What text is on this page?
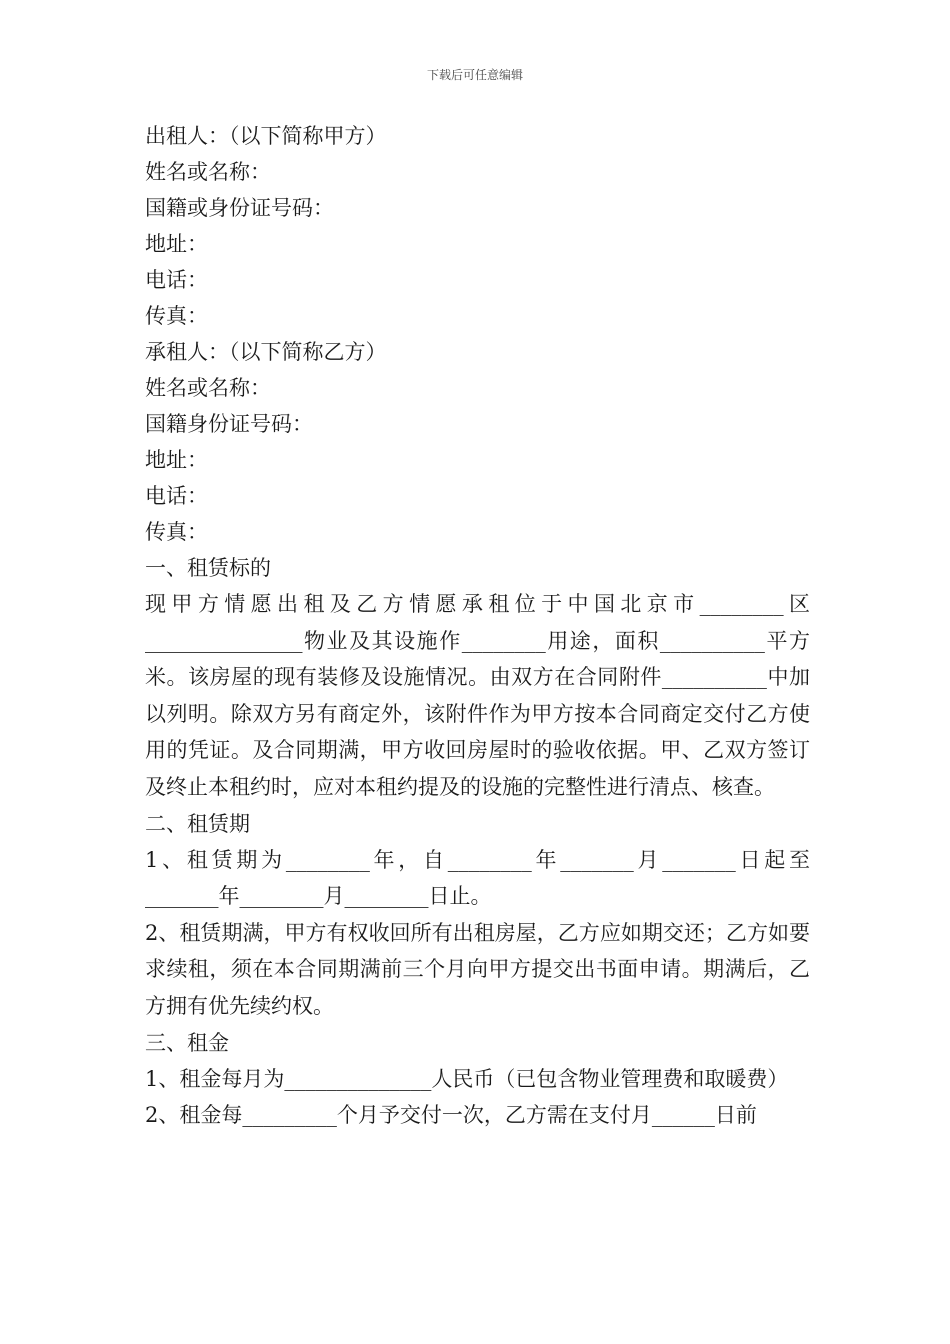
下载后可任意编辑
出租人：（以下简称甲方）
姓名或名称：
国籍或身份证号码：
地址：
电话：
传真：
承租人：（以下简称乙方）
姓名或名称：
国籍身份证号码：
地址：
电话：
传真：
一、租赁标的
现甲方情愿出租及乙方情愿承租位于中国北京市________区_______________物业及其设施作________用途，面积__________平方米。该房屋的现有装修及设施情况。由双方在合同附件__________中加以列明。除双方另有商定外，该附件作为甲方按本合同商定交付乙方使用的凭证。及合同期满，甲方收回房屋时的验收依据。甲、乙双方签订及终止本租约时，应对本租约提及的设施的完整性进行清点、核查。
二、租赁期
1、租赁期为________年，自________年_______月_______日起至_______年________月________日止。
2、租赁期满，甲方有权收回所有出租房屋，乙方应如期交还；乙方如要求续租，须在本合同期满前三个月向甲方提交出书面申请。期满后，乙方拥有优先续约权。
三、租金
1、租金每月为______________人民币（已包含物业管理费和取暖费）
2、租金每_________个月予交付一次，乙方需在支付月______日前
